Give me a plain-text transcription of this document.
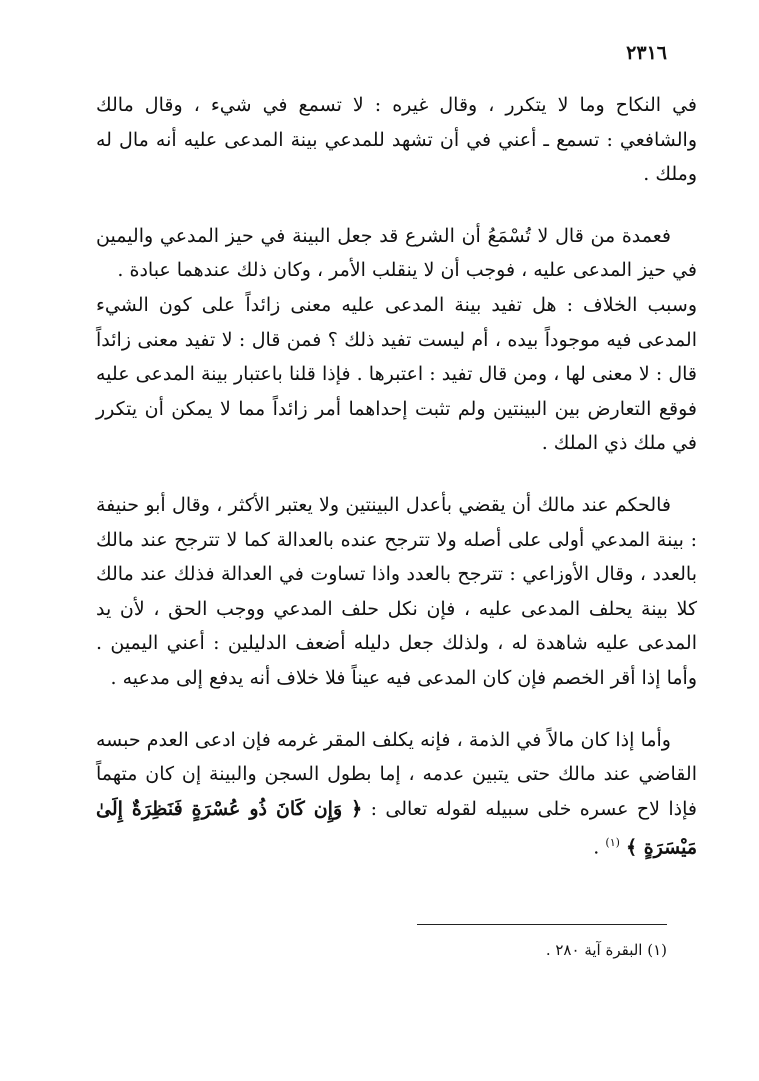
٢٣١٦

في النكاح وما لا يتكرر ، وقال غيره : لا تسمع في شيء ، وقال مالك والشافعي : تسمع ـ أعني في أن تشهد للمدعي بينة المدعى عليه أنه مال له وملك .

فعمدة من قال لا تُسْمَعُ أن الشرع قد جعل البينة في حيز المدعي واليمين في حيز المدعى عليه ، فوجب أن لا ينقلب الأمر ، وكان ذلك عندهما عبادة .

وسبب الخلاف : هل تفيد بينة المدعى عليه معنى زائداً على كون الشيء المدعى فيه موجوداً بيده ، أم ليست تفيد ذلك ؟ فمن قال : لا تفيد معنى زائداً قال : لا معنى لها ، ومن قال تفيد : اعتبرها . فإذا قلنا باعتبار بينة المدعى عليه فوقع التعارض بين البينتين ولم تثبت إحداهما أمر زائداً مما لا يمكن أن يتكرر في ملك ذي الملك .

فالحكم عند مالك أن يقضي بأعدل البينتين ولا يعتبر الأكثر ، وقال أبو حنيفة : بينة المدعي أولى على أصله ولا تترجح عنده بالعدالة كما لا تترجح عند مالك بالعدد ، وقال الأوزاعي : تترجح بالعدد واذا تساوت في العدالة فذلك عند مالك كلا بينة يحلف المدعى عليه ، فإن نكل حلف المدعي ووجب الحق ، لأن يد المدعى عليه شاهدة له ، ولذلك جعل دليله أضعف الدليلين : أعني اليمين . وأما إذا أقر الخصم فإن كان المدعى فيه عيناً فلا خلاف أنه يدفع إلى مدعيه .

وأما إذا كان مالاً في الذمة ، فإنه يكلف المقر غرمه فإن ادعى العدم حبسه القاضي عند مالك حتى يتبين عدمه ، إما بطول السجن والبينة إن كان متهماً فإذا لاح عسره خلى سبيله لقوله تعالى : ﴿ وَإِن كَانَ ذُو عُسْرَةٍ فَنَظِرَةٌ إِلَىٰ مَيْسَرَةٍ ﴾ $^{(١)}$ .

(١) البقرة آية ٢٨٠ .
